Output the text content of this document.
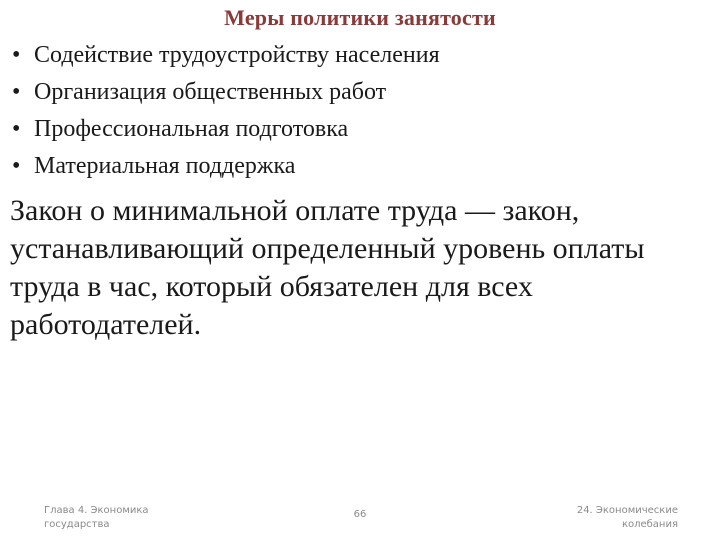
Меры политики занятости
• Содействие трудоустройству населения
• Организация общественных работ
• Профессиональная подготовка
• Материальная поддержка

Закон о минимальной оплате труда — закон, устанавливающий определенный уровень оплаты труда в час, который обязателен для всех работодателей.

Глава 4. Экономика государства
66	24. Экономические колебания
